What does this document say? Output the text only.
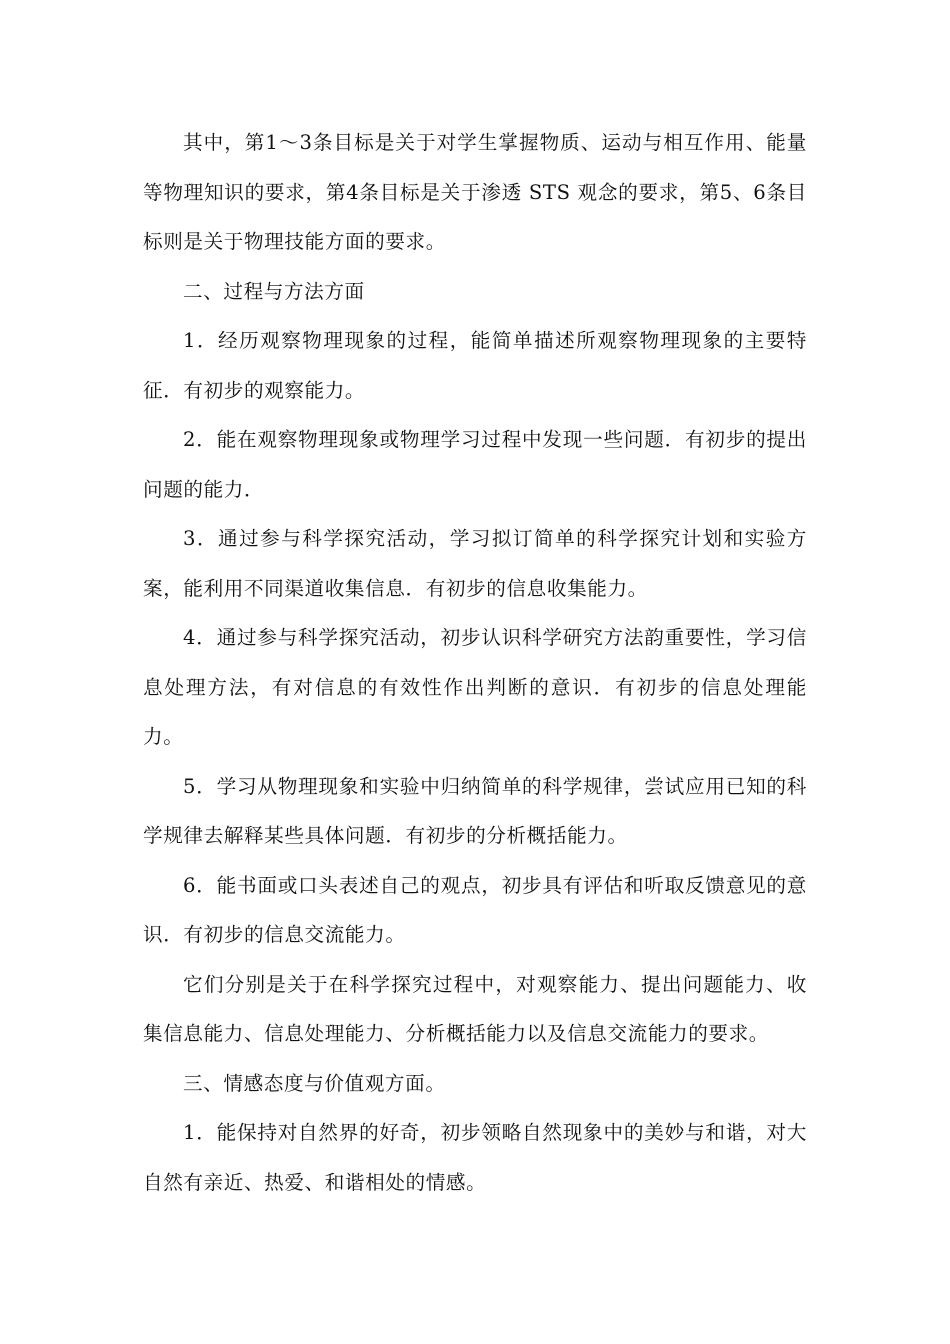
其中，第1～3条目标是关于对学生掌握物质、运动与相互作用、能量等物理知识的要求，第4条目标是关于渗透 STS 观念的要求，第5、6条目标则是关于物理技能方面的要求。

二、过程与方法方面

1．经历观察物理现象的过程，能简单描述所观察物理现象的主要特征．有初步的观察能力。

2．能在观察物理现象或物理学习过程中发现一些问题．有初步的提出问题的能力．

3．通过参与科学探究活动，学习拟订简单的科学探究计划和实验方案，能利用不同渠道收集信息．有初步的信息收集能力。

4．通过参与科学探究活动，初步认识科学研究方法韵重要性，学习信息处理方法，有对信息的有效性作出判断的意识．有初步的信息处理能力。

5．学习从物理现象和实验中归纳简单的科学规律，尝试应用已知的科学规律去解释某些具体问题．有初步的分析概括能力。

6．能书面或口头表述自己的观点，初步具有评估和听取反馈意见的意识．有初步的信息交流能力。

它们分别是关于在科学探究过程中，对观察能力、提出问题能力、收集信息能力、信息处理能力、分析概括能力以及信息交流能力的要求。

三、情感态度与价值观方面。

1．能保持对自然界的好奇，初步领略自然现象中的美妙与和谐，对大自然有亲近、热爱、和谐相处的情感。
